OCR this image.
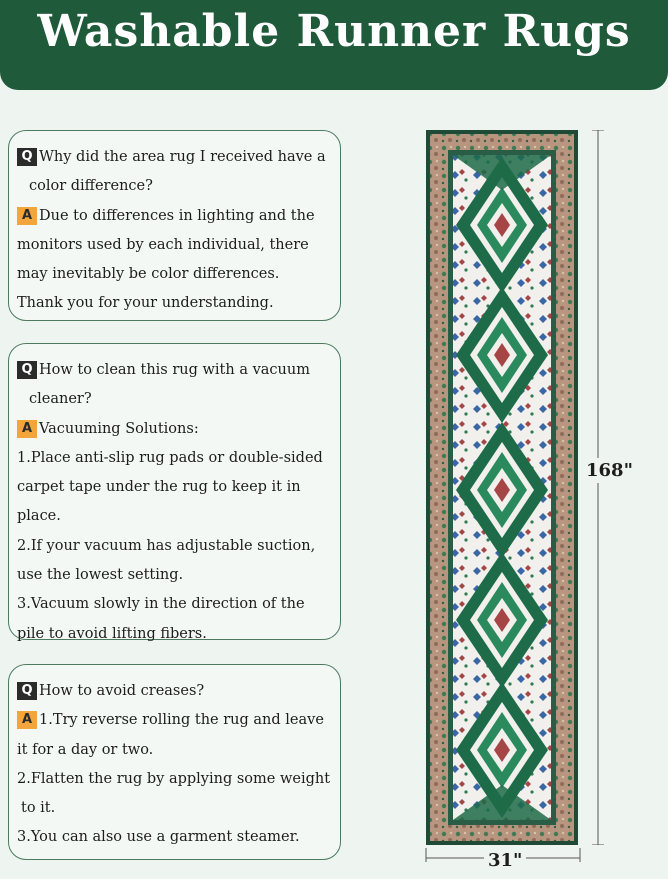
Washable Runner Rugs

Q Why did the area rug I received have a

color difference?

A Due to differences in lighting and the

monitors used by each individual, there

may inevitably be color differences.

Thank you for your understanding.

Q How to clean this rug with a vacuum

cleaner?

A Vacuuming Solutions:

1.Place anti-slip rug pads or double-sided

carpet tape under the rug to keep it in

place.

2.If your vacuum has adjustable suction,

use the lowest setting.

3.Vacuum slowly in the direction of the

pile to avoid lifting fibers.

Q How to avoid creases?

A 1.Try reverse rolling the rug and leave

it for a day or two.

2.Flatten the rug by applying some weight

to it.

3.You can also use a garment steamer.

168"
31"
